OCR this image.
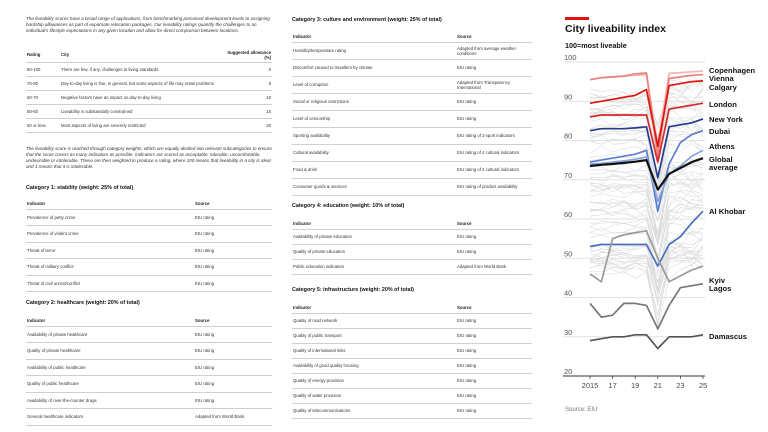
The liveability scores have a broad range of applications, from benchmarking perceived development levels to assigning hardship allowances as part of expatriate relocation packages. Our liveability ratings quantify the challenges to an individual's lifestyle expectations in any given location and allow for direct comparison between locations.

Rating	City	Suggested allowance (%)
80-100	There are few, if any, challenges to living standards	0
70-80	Day-to-day living is fine, in general, but some aspects of life may entail problems	5
60-70	Negative factors have an impact on day-to-day living	10
50-60	Liveability is substantially constrained	15
50 or less	Most aspects of living are severely restricted	20

The liveability score is reached through category weights, which are equally divided into relevant subcategories to ensure that the score covers as many indicators as possible. Indicators are scored as acceptable, tolerable, uncomfortable, undesirable or intolerable. These are then weighted to produce a rating, where 100 means that liveability in a city is ideal and 1 means that it is intolerable.

Category 1: stability (weight: 25% of total)
Indicator	Source
Prevalence of petty crime	EIU rating
Prevalence of violent crime	EIU rating
Threat of terror	EIU rating
Threat of military conflict	EIU rating
Threat of civil unrest/conflict	EIU rating
Category 2: healthcare (weight: 20% of total)
Indicator	Source
Availability of private healthcare	EIU rating
Quality of private healthcare	EIU rating
Availability of public healthcare	EIU rating
Quality of public healthcare	EIU rating
Availability of over-the-counter drugs	EIU rating
General healthcare indicators	Adapted from World Bank
Category 3: culture and environment (weight: 25% of total)
Indicator	Source
Humidity/temperature rating	Adapted from average weather conditions
Discomfort caused to travellers by climate	EIU rating
Level of corruption	Adapted from Transparency International
Social or religious restrictions	EIU rating
Level of censorship	EIU rating
Sporting availability	EIU rating of 3 sport indicators
Cultural availability	EIU rating of 4 cultural indicators
Food & drink	EIU rating of 4 cultural indicators
Consumer goods & services	EIU rating of product availability
Category 4: education (weight: 10% of total)
Indicator	Source
Availability of private education	EIU rating
Quality of private education	EIU rating
Public education indicators	Adapted from World Bank
Category 5: infrastructure (weight: 20% of total)
Indicator	Source
Quality of road network	EIU rating
Quality of public transport	EIU rating
Quality of international links	EIU rating
Availability of good quality housing	EIU rating
Quality of energy provision	EIU rating
Quality of water provision	EIU rating
Quality of telecommunications	EIU rating
City liveability index
100=most liveable
20
30
40
50
60
70
80
90
100
2015 17 19 21 23 25
Copenhagen
Vienna
Calgary
London
New York
Dubai
Athens
Global
average
Al Khobar
Kyiv
Lagos
Damascus
Source: EIU
